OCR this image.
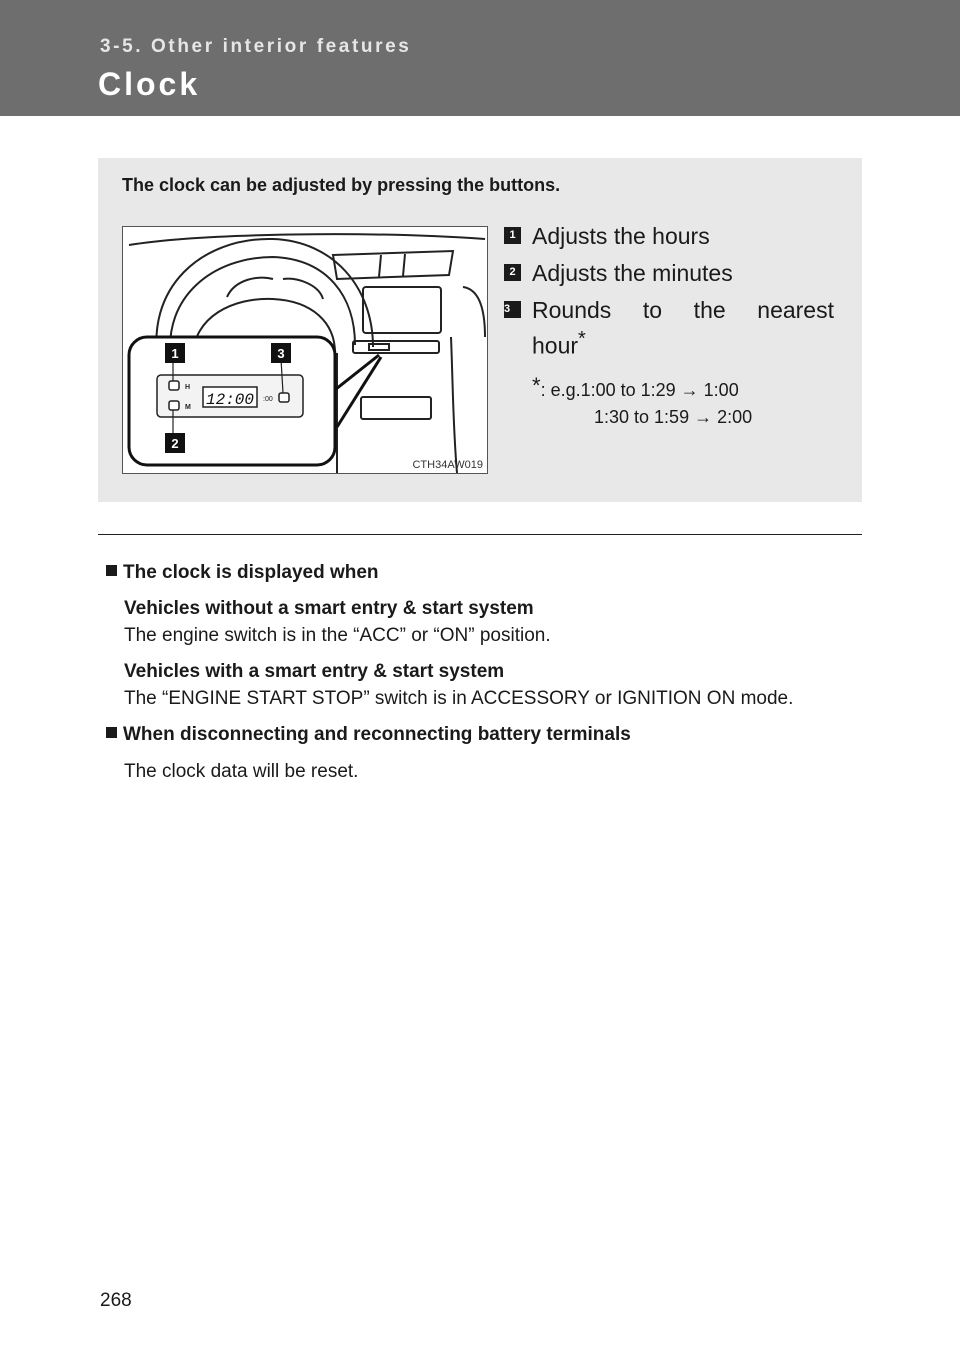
3-5. Other interior features
Clock
The clock can be adjusted by pressing the buttons.
H
M
:00
12:00
1	3
2
CTH34AW019
1 Adjusts the hours
2 Adjusts the minutes
3 Rounds to the nearest
hour*
*: e.g.1:00 to 1:29 → 1:00
1:30 to 1:59 → 2:00
The clock is displayed when
Vehicles without a smart entry & start system
The engine switch is in the “ACC” or “ON” position.
Vehicles with a smart entry & start system
The “ENGINE START STOP” switch is in ACCESSORY or IGNITION ON mode.
When disconnecting and reconnecting battery terminals
The clock data will be reset.
268
